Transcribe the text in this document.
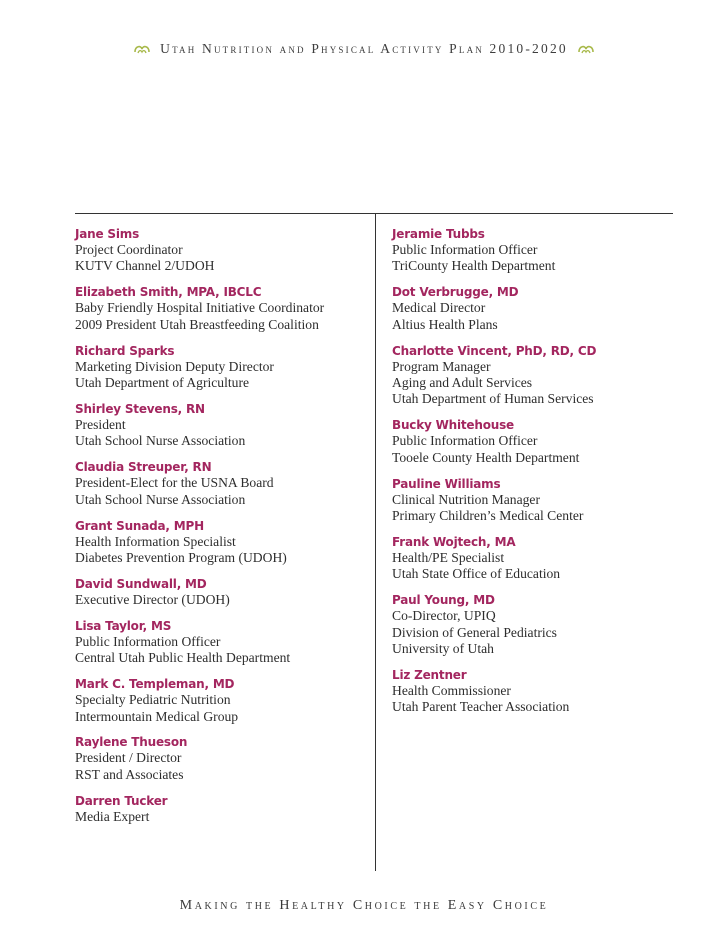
Utah Nutrition and Physical Activity Plan 2010-2020
Jane Sims
Project Coordinator
KUTV Channel 2/UDOH
Elizabeth Smith, MPA, IBCLC
Baby Friendly Hospital Initiative Coordinator
2009 President Utah Breastfeeding Coalition
Richard Sparks
Marketing Division Deputy Director
Utah Department of Agriculture
Shirley Stevens, RN
President
Utah School Nurse Association
Claudia Streuper, RN
President-Elect for the USNA Board
Utah School Nurse Association
Grant Sunada, MPH
Health Information Specialist
Diabetes Prevention Program (UDOH)
David Sundwall, MD
Executive Director (UDOH)
Lisa Taylor, MS
Public Information Officer
Central Utah Public Health Department
Mark C. Templeman, MD
Specialty Pediatric Nutrition
Intermountain Medical Group
Raylene Thueson
President / Director
RST and Associates
Darren Tucker
Media Expert
Jeramie Tubbs
Public Information Officer
TriCounty Health Department
Dot Verbrugge, MD
Medical Director
Altius Health Plans
Charlotte Vincent, PhD, RD, CD
Program Manager
Aging and Adult Services
Utah Department of Human Services
Bucky Whitehouse
Public Information Officer
Tooele County Health Department
Pauline Williams
Clinical Nutrition Manager
Primary Children’s Medical Center
Frank Wojtech, MA
Health/PE Specialist
Utah State Office of Education
Paul Young, MD
Co-Director, UPIQ
Division of General Pediatrics
University of Utah
Liz Zentner
Health Commissioner
Utah Parent Teacher Association
Making the Healthy Choice the Easy Choice
